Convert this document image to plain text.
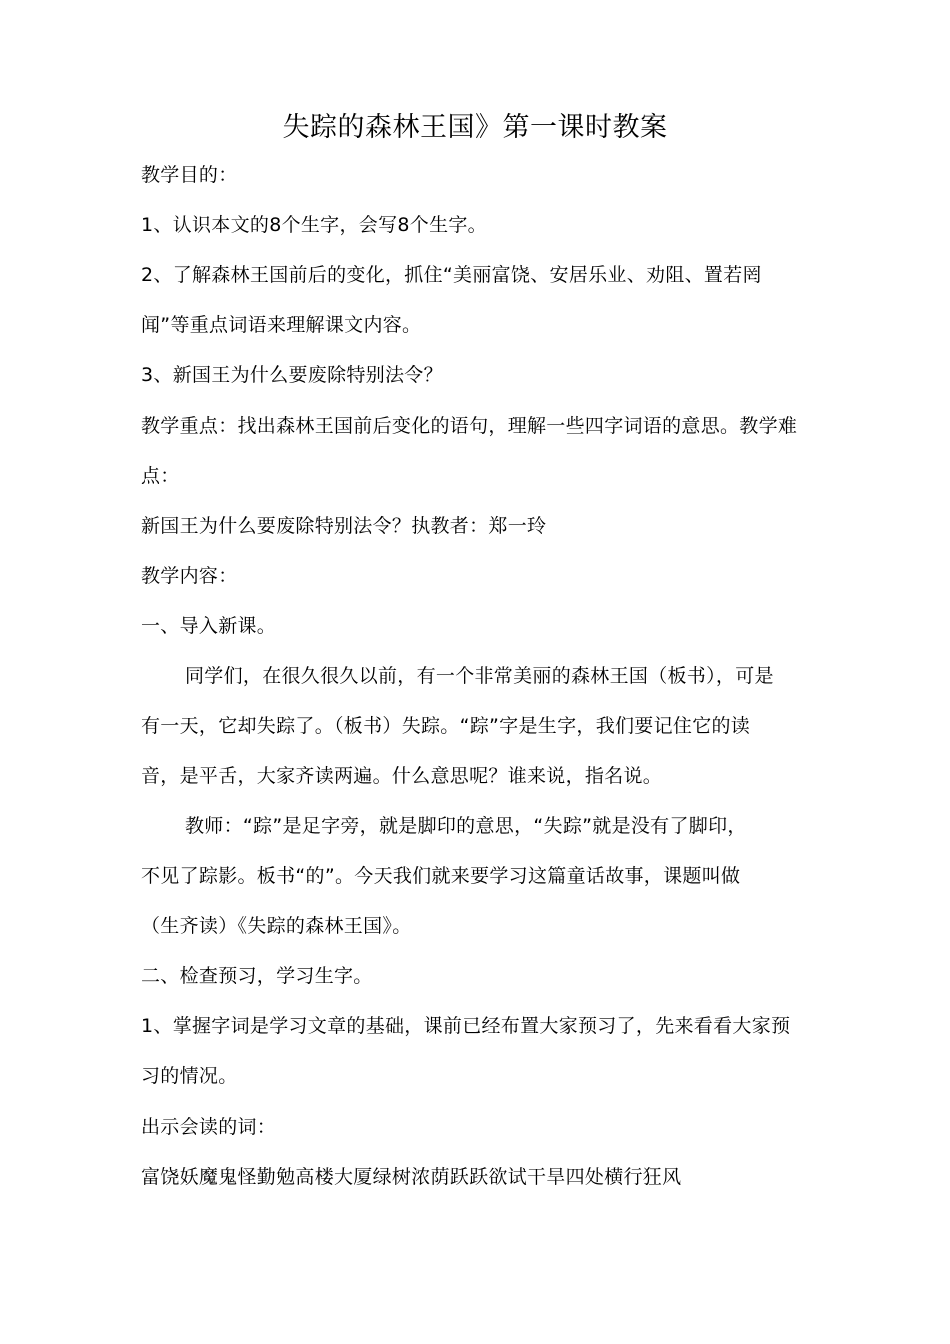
失踪的森林王国》第一课时教案
教学目的：
1、认识本文的8个生字，会写8个生字。
2、了解森林王国前后的变化，抓住“美丽富饶、安居乐业、劝阻、置若罔
闻”等重点词语来理解课文内容。
3、新国王为什么要废除特别法令？
教学重点：找出森林王国前后变化的语句，理解一些四字词语的意思。教学难
点：
新国王为什么要废除特别法令？执教者：郑一玲
教学内容：
一、导入新课。
同学们，在很久很久以前，有一个非常美丽的森林王国（板书），可是
有一天，它却失踪了。（板书）失踪。“踪”字是生字，我们要记住它的读
音，是平舌，大家齐读两遍。什么意思呢？谁来说，指名说。
教师：“踪”是足字旁，就是脚印的意思，“失踪”就是没有了脚印，
不见了踪影。板书“的”。今天我们就来要学习这篇童话故事，课题叫做
（生齐读）《失踪的森林王国》。
二、检查预习，学习生字。
1、掌握字词是学习文章的基础，课前已经布置大家预习了，先来看看大家预
习的情况。
出示会读的词：
富饶妖魔鬼怪勤勉高楼大厦绿树浓荫跃跃欲试干旱四处横行狂风
